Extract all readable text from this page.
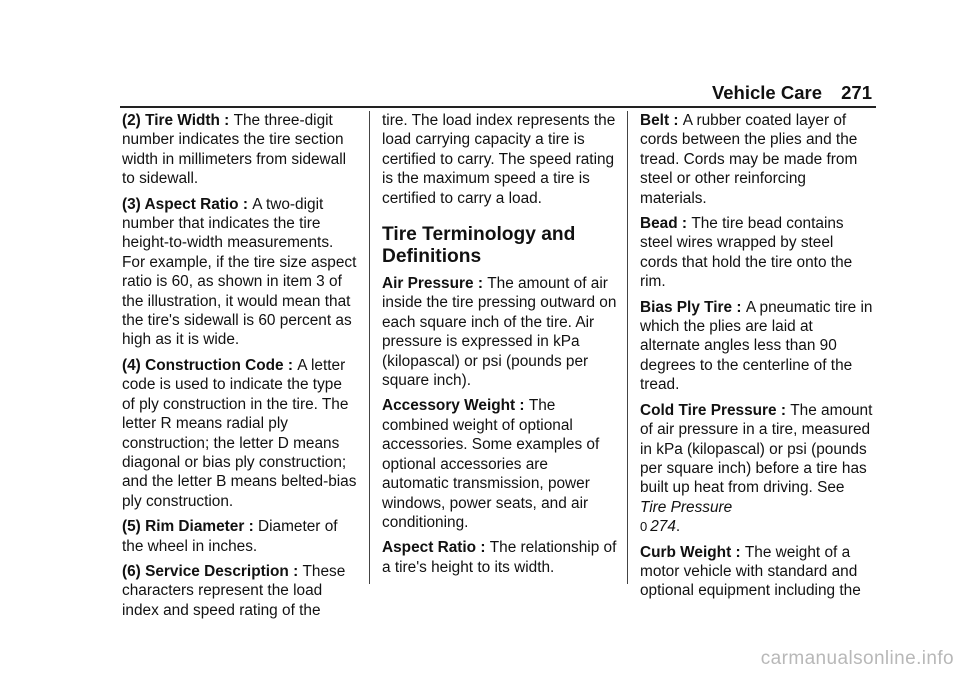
Vehicle Care 271

(2) Tire Width : The three-digit number indicates the tire section width in millimeters from sidewall to sidewall.

(3) Aspect Ratio : A two-digit number that indicates the tire height-to-width measurements. For example, if the tire size aspect ratio is 60, as shown in item 3 of the illustration, it would mean that the tire's sidewall is 60 percent as high as it is wide.

(4) Construction Code : A letter code is used to indicate the type of ply construction in the tire. The letter R means radial ply construction; the letter D means diagonal or bias ply construction; and the letter B means belted-bias ply construction.

(5) Rim Diameter : Diameter of the wheel in inches.

(6) Service Description : These characters represent the load index and speed rating of the

tire. The load index represents the load carrying capacity a tire is certified to carry. The speed rating is the maximum speed a tire is certified to carry a load.

Tire Terminology and Definitions

Air Pressure : The amount of air inside the tire pressing outward on each square inch of the tire. Air pressure is expressed in kPa (kilopascal) or psi (pounds per square inch).

Accessory Weight : The combined weight of optional accessories. Some examples of optional accessories are automatic transmission, power windows, power seats, and air conditioning.

Aspect Ratio : The relationship of a tire's height to its width.

Belt : A rubber coated layer of cords between the plies and the tread. Cords may be made from steel or other reinforcing materials.

Bead : The tire bead contains steel wires wrapped by steel cords that hold the tire onto the rim.

Bias Ply Tire : A pneumatic tire in which the plies are laid at alternate angles less than 90 degrees to the centerline of the tread.

Cold Tire Pressure : The amount of air pressure in a tire, measured in kPa (kilopascal) or psi (pounds per square inch) before a tire has built up heat from driving. See Tire Pressure
0 274.

Curb Weight : The weight of a motor vehicle with standard and optional equipment including the

carmanualsonline.info
